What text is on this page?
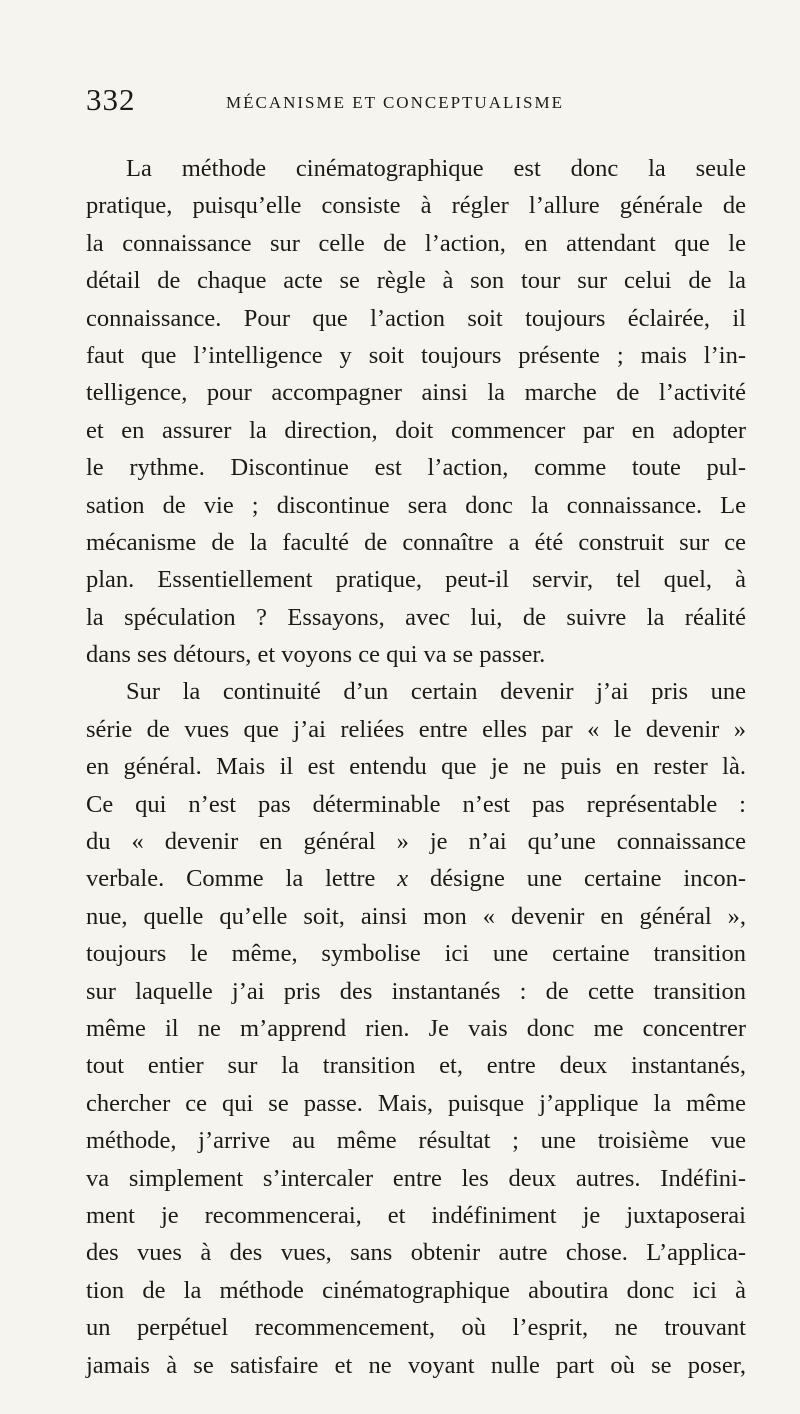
332	MÉCANISME ET CONCEPTUALISME
La méthode cinématographique est donc la seule
pratique, puisqu’elle consiste à régler l’allure générale de
la connaissance sur celle de l’action, en attendant que le
détail de chaque acte se règle à son tour sur celui de la
connaissance. Pour que l’action soit toujours éclairée, il
faut que l’intelligence y soit toujours présente ; mais l’in-
telligence, pour accompagner ainsi la marche de l’activité
et en assurer la direction, doit commencer par en adopter
le rythme. Discontinue est l’action, comme toute pul-
sation de vie ; discontinue sera donc la connaissance. Le
mécanisme de la faculté de connaître a été construit sur ce
plan. Essentiellement pratique, peut-il servir, tel quel, à
la spéculation ? Essayons, avec lui, de suivre la réalité
dans ses détours, et voyons ce qui va se passer.
Sur la continuité d’un certain devenir j’ai pris une
série de vues que j’ai reliées entre elles par « le devenir »
en général. Mais il est entendu que je ne puis en rester là.
Ce qui n’est pas déterminable n’est pas représentable :
du « devenir en général » je n’ai qu’une connaissance
verbale. Comme la lettre x désigne une certaine incon-
nue, quelle qu’elle soit, ainsi mon « devenir en général »,
toujours le même, symbolise ici une certaine transition
sur laquelle j’ai pris des instantanés : de cette transition
même il ne m’apprend rien. Je vais donc me concentrer
tout entier sur la transition et, entre deux instantanés,
chercher ce qui se passe. Mais, puisque j’applique la même
méthode, j’arrive au même résultat ; une troisième vue
va simplement s’intercaler entre les deux autres. Indéfini-
ment je recommencerai, et indéfiniment je juxtaposerai
des vues à des vues, sans obtenir autre chose. L’applica-
tion de la méthode cinématographique aboutira donc ici à
un perpétuel recommencement, où l’esprit, ne trouvant
jamais à se satisfaire et ne voyant nulle part où se poser,
